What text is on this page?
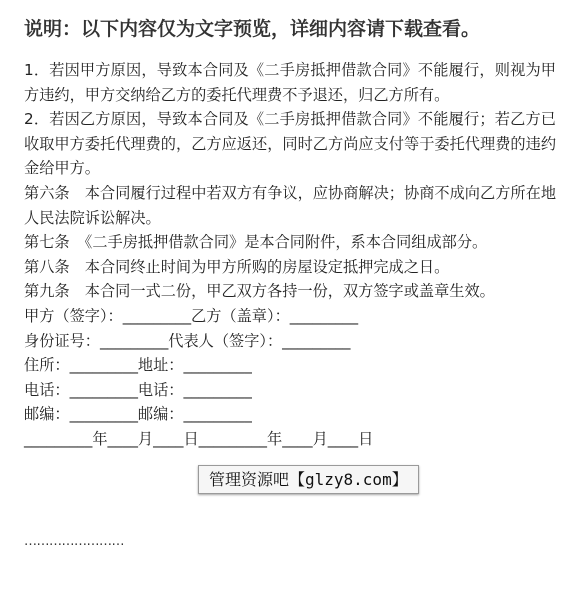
说明：以下内容仅为文字预览，详细内容请下载查看。

1．若因甲方原因，导致本合同及《二手房抵押借款合同》不能履行，则视为甲方违约，甲方交纳给乙方的委托代理费不予退还，归乙方所有。

2．若因乙方原因，导致本合同及《二手房抵押借款合同》不能履行；若乙方已收取甲方委托代理费的，乙方应返还，同时乙方尚应支付等于委托代理费的违约金给甲方。

第六条　本合同履行过程中若双方有争议，应协商解决；协商不成向乙方所在地人民法院诉讼解决。

第七条　《二手房抵押借款合同》是本合同附件，系本合同组成部分。

第八条　本合同终止时间为甲方所购的房屋设定抵押完成之日。

第九条　本合同一式二份，甲乙双方各持一份，双方签字或盖章生效。

甲方（签字）：_________乙方（盖章）：_________

身份证号：_________代表人（签字）：_________

住所：_________地址：_________

电话：_________电话：_________

邮编：_________邮编：_________

_________年____月____日_________年____月____日

……………………
管理资源吧【glzy8.com】
